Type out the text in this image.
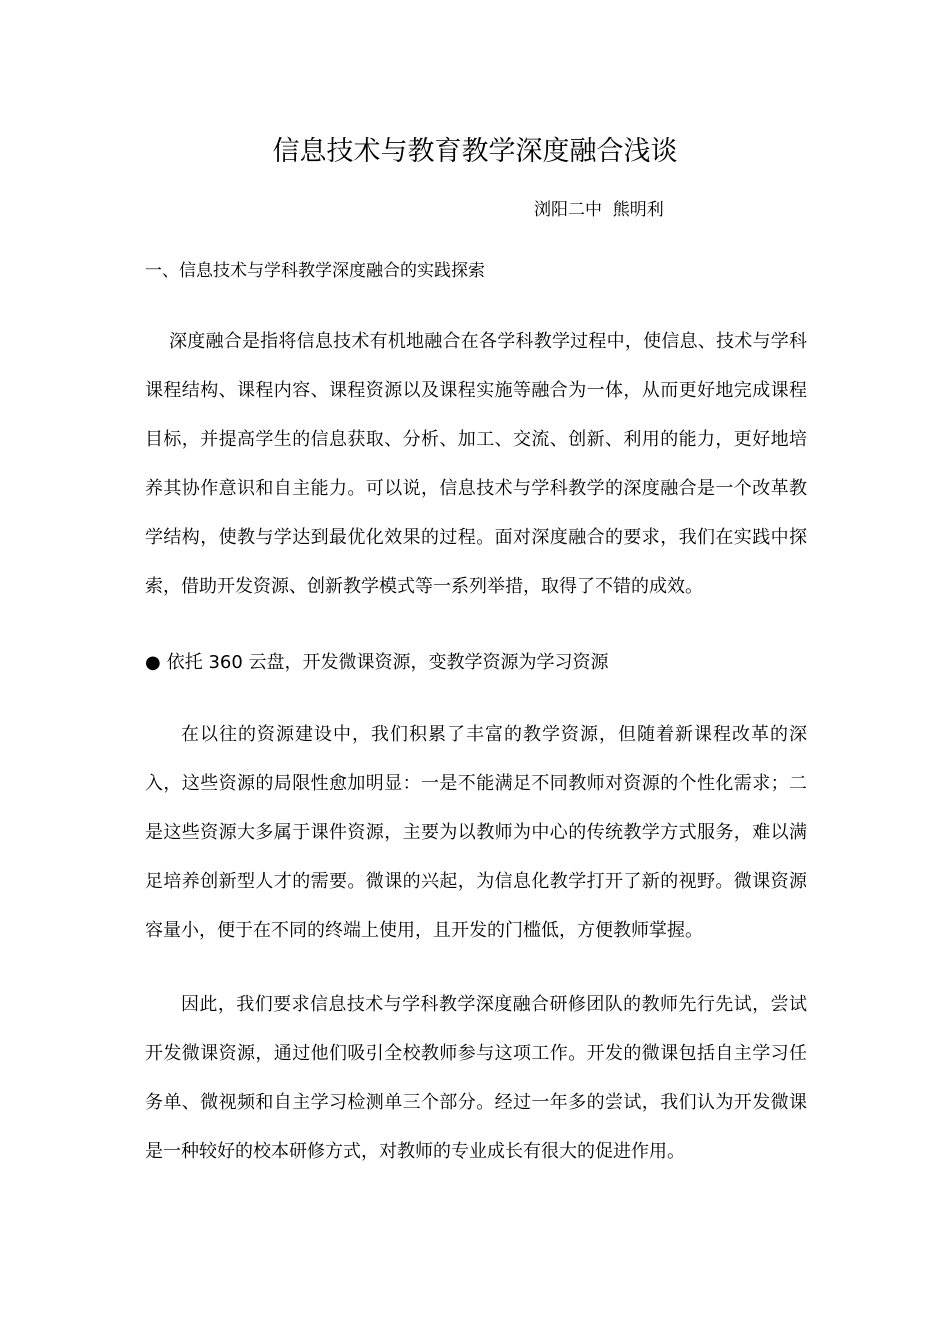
信息技术与教育教学深度融合浅谈
浏阳二中  熊明利
一、信息技术与学科教学深度融合的实践探索
深度融合是指将信息技术有机地融合在各学科教学过程中，使信息、技术与学科课程结构、课程内容、课程资源以及课程实施等融合为一体，从而更好地完成课程目标，并提高学生的信息获取、分析、加工、交流、创新、利用的能力，更好地培养其协作意识和自主能力。可以说，信息技术与学科教学的深度融合是一个改革教学结构，使教与学达到最优化效果的过程。面对深度融合的要求，我们在实践中探索，借助开发资源、创新教学模式等一系列举措，取得了不错的成效。
● 依托 360 云盘，开发微课资源，变教学资源为学习资源
在以往的资源建设中，我们积累了丰富的教学资源，但随着新课程改革的深入，这些资源的局限性愈加明显：一是不能满足不同教师对资源的个性化需求；二是这些资源大多属于课件资源，主要为以教师为中心的传统教学方式服务，难以满足培养创新型人才的需要。微课的兴起，为信息化教学打开了新的视野。微课资源容量小，便于在不同的终端上使用，且开发的门槛低，方便教师掌握。
因此，我们要求信息技术与学科教学深度融合研修团队的教师先行先试，尝试开发微课资源，通过他们吸引全校教师参与这项工作。开发的微课包括自主学习任务单、微视频和自主学习检测单三个部分。经过一年多的尝试，我们认为开发微课是一种较好的校本研修方式，对教师的专业成长有很大的促进作用。
